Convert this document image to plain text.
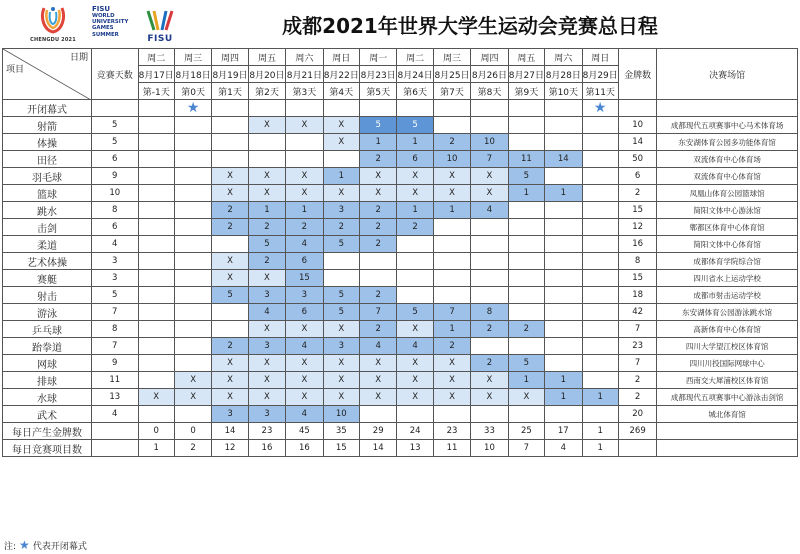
CHENGDU 2021
FISU
WORLD
UNIVERSITY
GAMES
SUMMER	FISU
成都2021年世界大学生运动会竞赛总日程
项目
日期	竞赛天数	周二	周三	周四	周五	周六	周日	周一	周二	周三	周四	周五	周六	周日	金牌数	决赛场馆
		8月17日	8月18日	8月19日	8月20日	8月21日	8月22日	8月23日	8月24日	8月25日	8月26日	8月27日	8月28日	8月29日		
		第-1天	第0天	第1天	第2天	第3天	第4天	第5天	第6天	第7天	第8天	第9天	第10天	第11天		
开闭幕式			★											★		
射箭	5				X	X	X	5	5						10	成都现代五项赛事中心马术体育场
体操	5						X	1	1	2	10				14	东安湖体育公园多功能体育馆
田径	6							2	6	10	7	11	14		50	双流体育中心体育场
羽毛球	9			X	X	X	1	X	X	X	X	5			6	双流体育中心体育馆
篮球	10			X	X	X	X	X	X	X	X	1	1		2	凤凰山体育公园篮球馆
跳水	8			2	1	1	3	2	1	1	4				15	简阳文体中心游泳馆
击剑	6			2	2	2	2	2	2						12	郫都区体育中心体育馆
柔道	4				5	4	5	2							16	简阳文体中心体育馆
艺术体操	3			X	2	6									8	成都体育学院综合馆
赛艇	3			X	X	15									15	四川省水上运动学校
射击	5			5	3	3	5	2							18	成都市射击运动学校
游泳	7				4	6	5	7	5	7	8				42	东安湖体育公园游泳跳水馆
乒乓球	8				X	X	X	2	X	1	2	2			7	高新体育中心体育馆
跆拳道	7			2	3	4	3	4	4	2					23	四川大学望江校区体育馆
网球	9			X	X	X	X	X	X	X	2	5			7	四川川投国际网球中心
排球	11		X	X	X	X	X	X	X	X	X	1	1		2	西南交大犀浦校区体育馆
水球	13	X	X	X	X	X	X	X	X	X	X	X	1	1	2	成都现代五项赛事中心游泳击剑馆
武术	4			3	3	4	10								20	城北体育馆
每日产生金牌数		0	0	14	23	45	35	29	24	23	33	25	17	1	269	
每日竞赛项目数		1	2	12	16	16	15	14	13	11	10	7	4	1		
注: ★ 代表开闭幕式
